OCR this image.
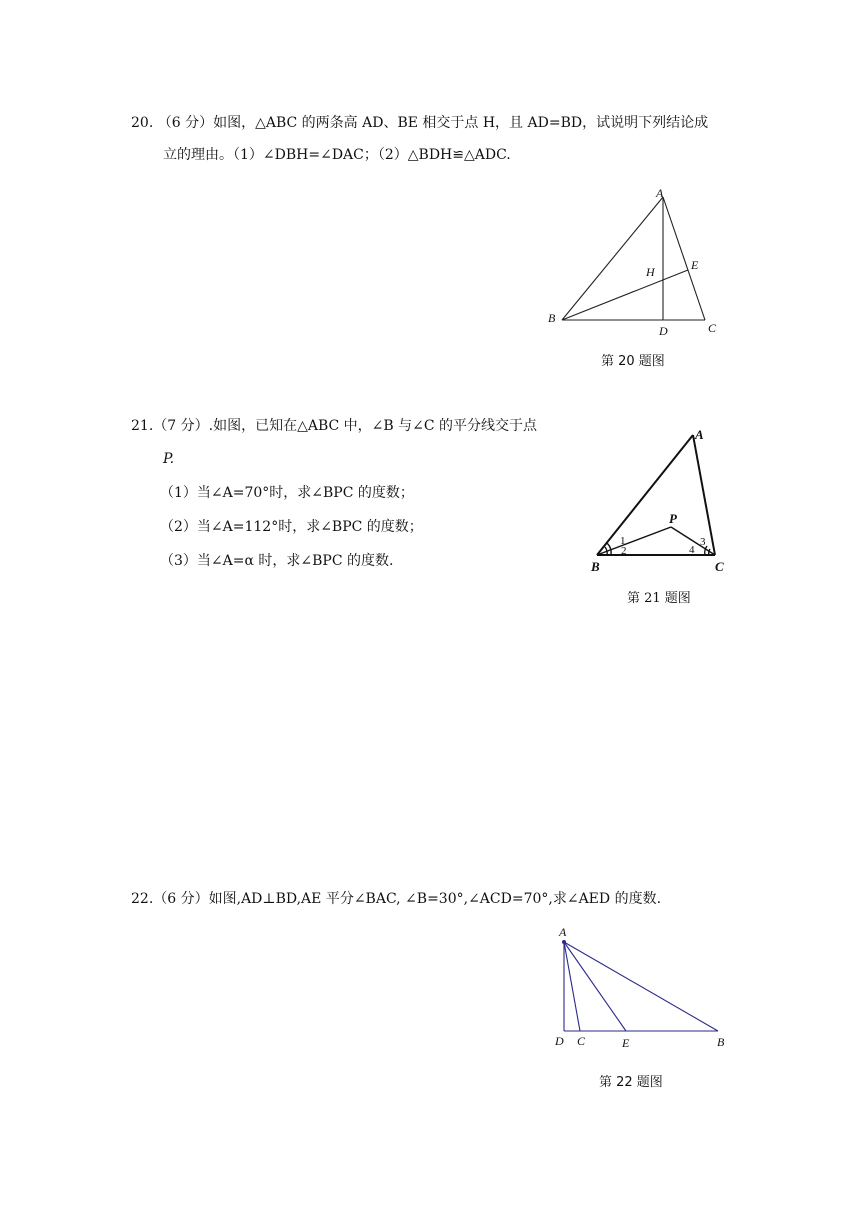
20. （6 分）如图，△ABC 的两条高 AD、BE 相交于点 H，且 AD=BD，试说明下列结论成
立的理由。（1）∠DBH=∠DAC；（2）△BDH≌△ADC.
A
B
C
D
E
H
第 20 题图
21.（7 分）.如图，已知在△ABC 中，∠B 与∠C 的平分线交于点
P.
（1）当∠A=70°时，求∠BPC 的度数；
（2）当∠A=112°时，求∠BPC 的度数；
（3）当∠A=α 时，求∠BPC 的度数.
A
B	C
P
1
2
3
4
第 21 题图
22.（6 分）如图,AD⊥BD,AE 平分∠BAC, ∠B=30°,∠ACD=70°,求∠AED 的度数.
A
D C	E	B
第 22 题图
